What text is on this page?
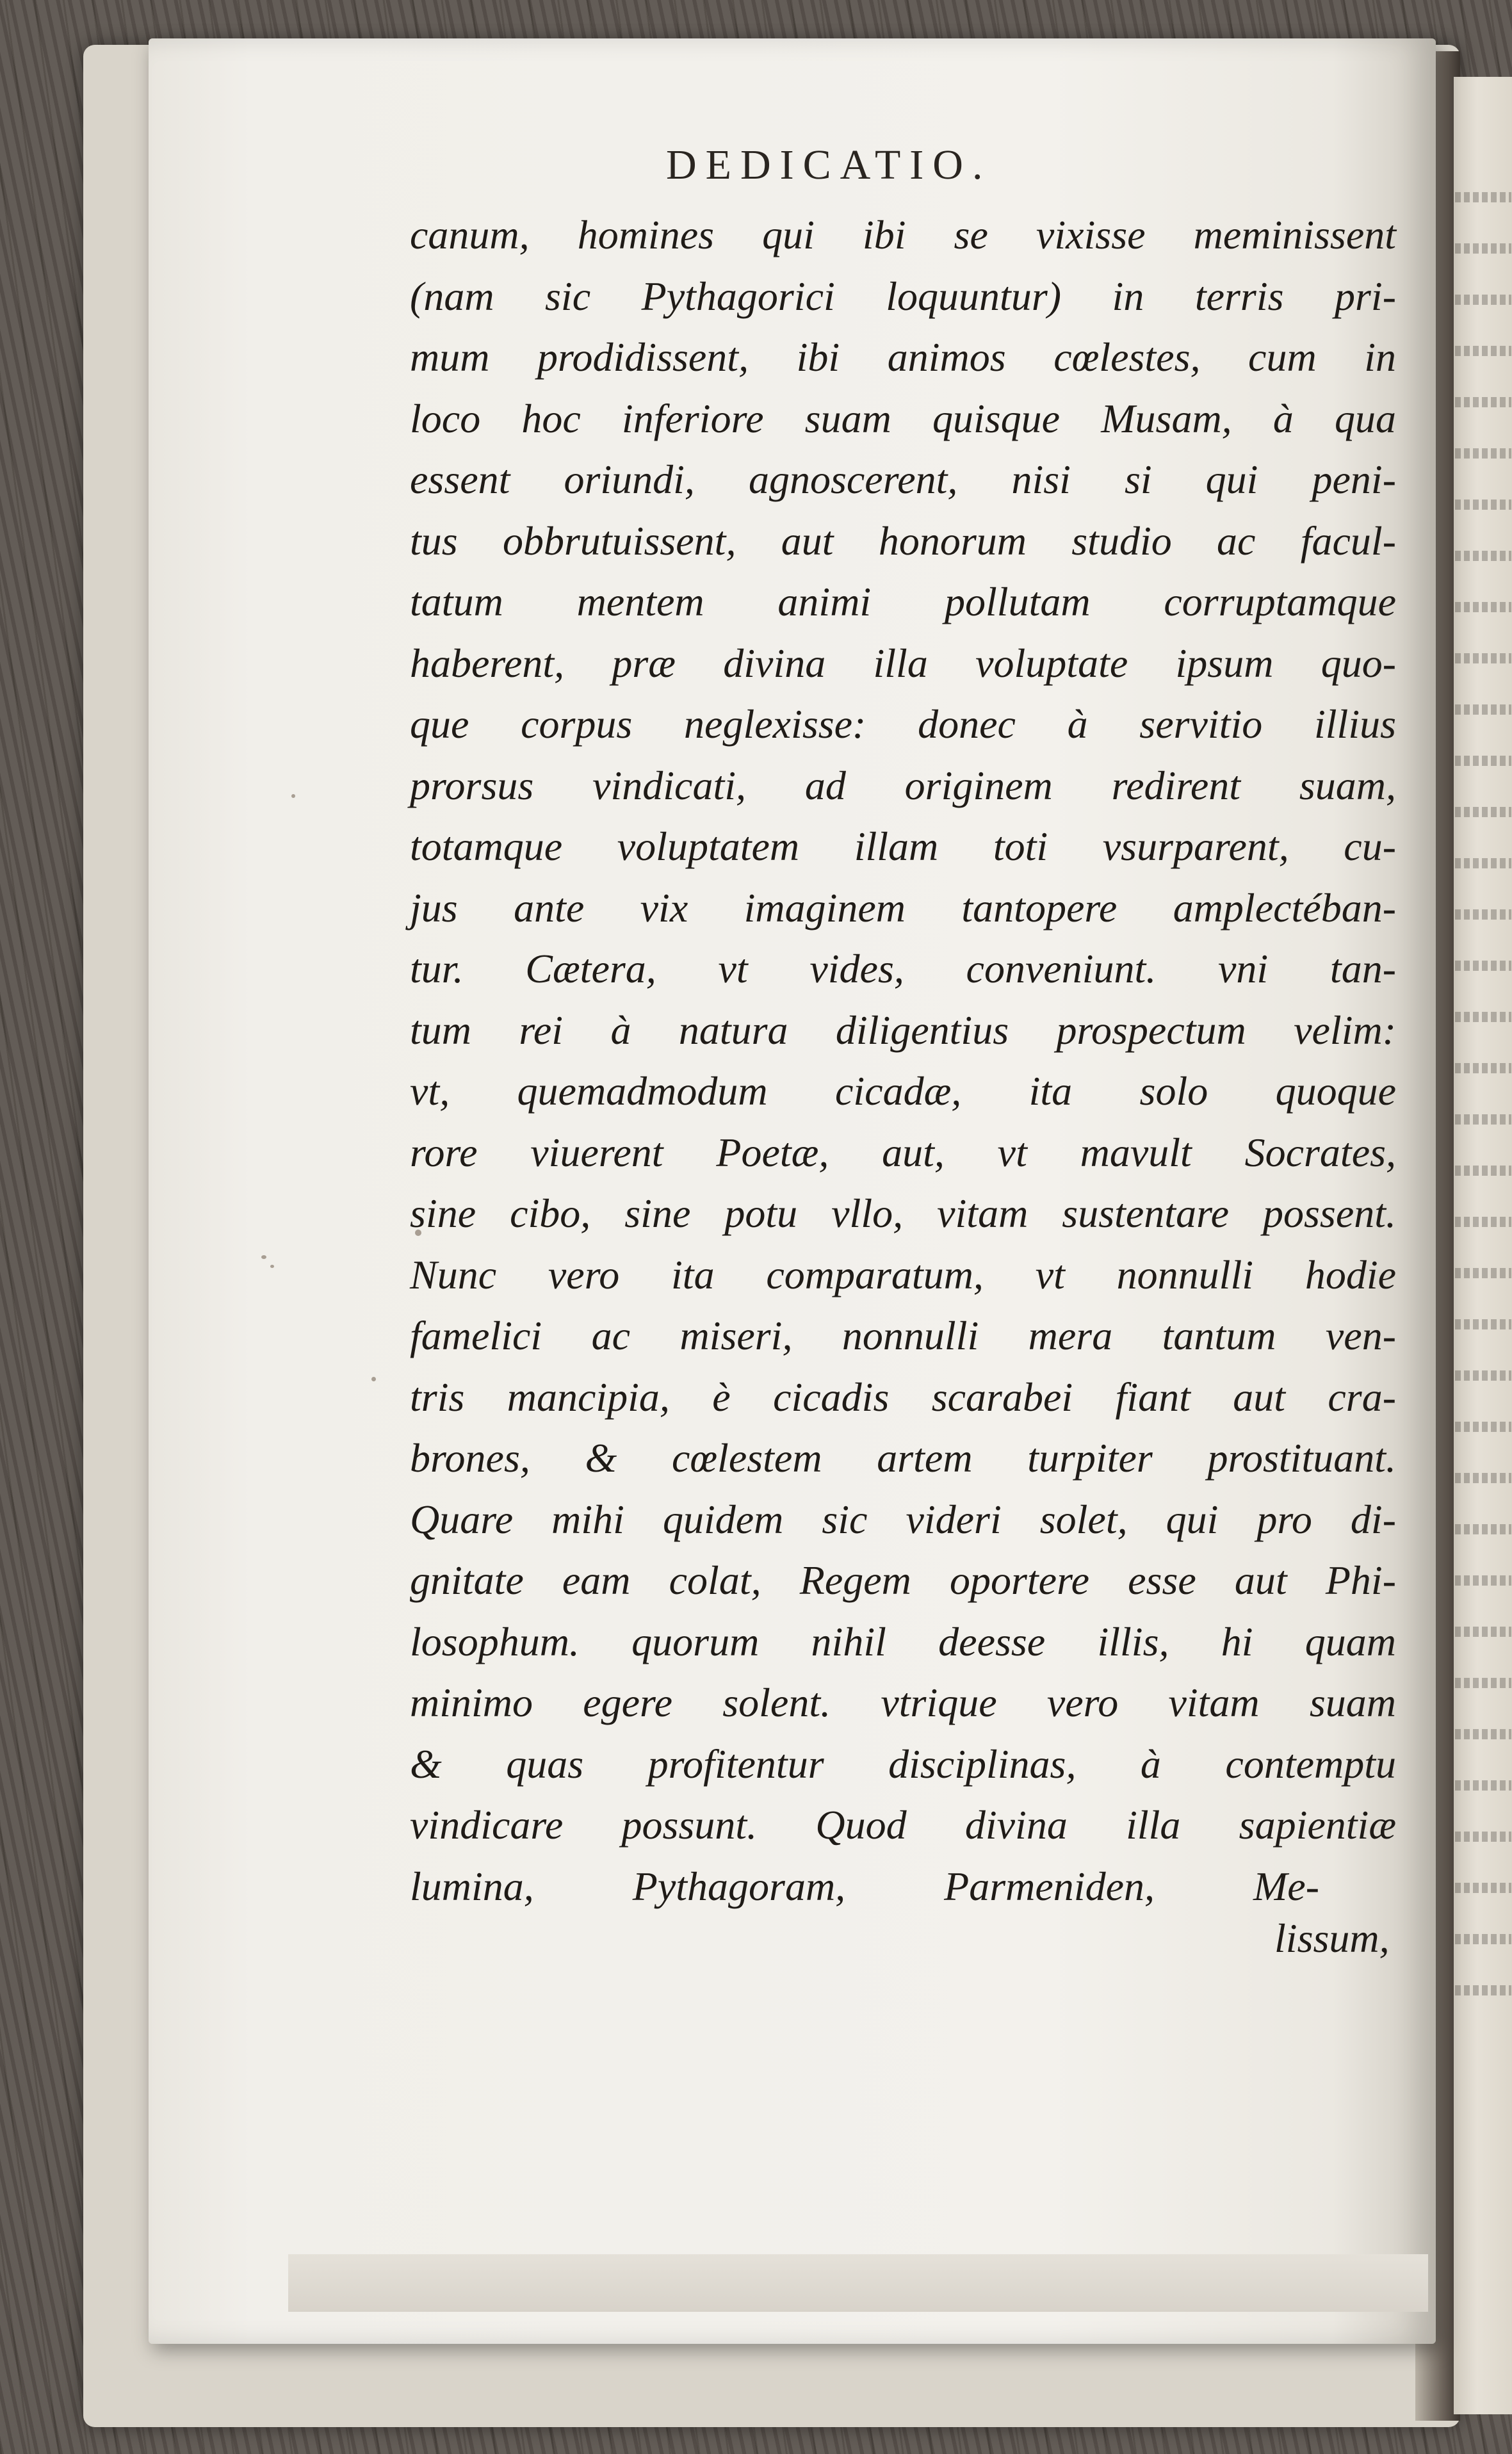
DEDICATIO.
canum, homines qui ibi se vixisse meminissent
(nam sic Pythagorici loquuntur) in terris pri-
mum prodidissent, ibi animos cœlestes, cum in
loco hoc inferiore suam quisque Musam, à qua
essent oriundi, agnoscerent, nisi si qui peni-
tus obbrutuissent, aut honorum studio ac facul-
tatum mentem animi pollutam corruptamque
haberent, præ divina illa voluptate ipsum quo-
que corpus neglexisse: donec à servitio illius
prorsus vindicati, ad originem redirent suam,
totamque voluptatem illam toti vsurparent, cu-
jus ante vix imaginem tantopere amplectéban-
tur. Cætera, vt vides, conveniunt. vni tan-
tum rei à natura diligentius prospectum velim:
vt, quemadmodum cicadæ, ita solo quoque
rore viuerent Poetæ, aut, vt mavult Socrates,
sine cibo, sine potu vllo, vitam sustentare possent.
Nunc vero ita comparatum, vt nonnulli hodie
famelici ac miseri, nonnulli mera tantum ven-
tris mancipia, è cicadis scarabei fiant aut cra-
brones, & cœlestem artem turpiter prostituant.
Quare mihi quidem sic videri solet, qui pro di-
gnitate eam colat, Regem oportere esse aut Phi-
losophum. quorum nihil deesse illis, hi quam
minimo egere solent. vtrique vero vitam suam
& quas profitentur disciplinas, à contemptu
vindicare possunt. Quod divina illa sapientiæ
lumina, Pythagoram, Parmeniden, Me-
lissum,
